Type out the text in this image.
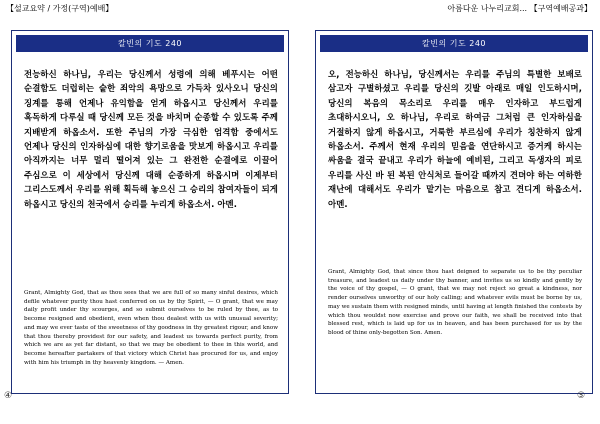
【설교요약 / 가정(구역)예배】
칼빈의 기도 240
전능하신 하나님, 우리는 당신께서 성령에 의해 베푸시는 어떤 순결함도 더럽히는 숱한 죄악의 욕망으로 가득차 있사오니 당신의 징계를 통해 언제나 유익함을 얻게 하옵시고 당신께서 우리를 혹독하게 다루실 때 당신께 모든 것을 바치며 순종할 수 있도록 주께 지배받게 하옵소서. 또한 주님의 가장 극심한 엄격함 중에서도 언제나 당신의 인자하심에 대한 향기로움을 맛보게 하옵시고 우리를 아직까지는 너무 멀리 떨어져 있는 그 완전한 순결에로 이끌어 주심으로 이 세상에서 당신께 대해 순종하게 하옵시며 이제부터 그리스도께서 우리를 위해 획득해 놓으신 그 승리의 참여자들이 되게 하옵시고 당신의 천국에서 승리를 누리게 하옵소서. 아멘.
Grant, Almighty God, that as thou sees that we are full of so many sinful desires, which defile whatever purity thou hast conferred on us by thy Spirit, — O grant, that we may daily profit under thy scourges, and so submit ourselves to be ruled by thee, as to become resigned and obedient, even when thou dealest with us with unusual severity; and may we ever taste of the sweetness of thy goodness in thy greatest rigour, and know that thou thereby providest for our safety, and leadest us towards perfect purity, from which we are as yet far distant, so that we may be obedient to thee in this world, and become hereafter partakers of that victory which Christ has procured for us, and enjoy with him his triumph in thy heavenly kingdom. — Amen.
④
아름다운 나누리교회... 【구역예배공과】
칼빈의 기도 240
오, 전능하신 하나님, 당신께서는 우리를 주님의 특별한 보배로 삼고자 구별하셨고 우리를 당신의 깃발 아래로 매일 인도하시며, 당신의 복음의 목소리로 우리를 매우 인자하고 부드럽게 초대하시오니, 오 하나님, 우리로 하여금 그처럼 큰 인자하심을 거절하지 않게 하옵시고, 거룩한 부르심에 우리가 칭찬하지 않게 하옵소서. 주께서 현재 우리의 믿음을 연단하시고 증거케 하시는 싸움을 결국 끝내고 우리가 하늘에 예비된, 그리고 독생자의 피로 우리를 사신 바 된 복된 안식처로 들어갈 때까지 견뎌야 하는 여하한 재난에 대해서도 우리가 맡기는 마음으로 참고 견디게 하옵소서. 아멘.
Grant, Almighty God, that since thou hast deigned to separate us to be thy peculiar treasure, and leadest us daily under thy banner, and invites us so kindly and gently by the voice of thy gospel, — O grant, that we may not reject so great a kindness, nor render ourselves unworthy of our holy calling; and whatever evils must be borne by us, may we sustain them with resigned minds, until having at length finished the contests by which thou wouldst now exercise and prove our faith, we shall be received into that blessed rest, which is laid up for us in heaven, and has been purchased for us by the blood of thine only-begotten Son. Amen.
⑤
